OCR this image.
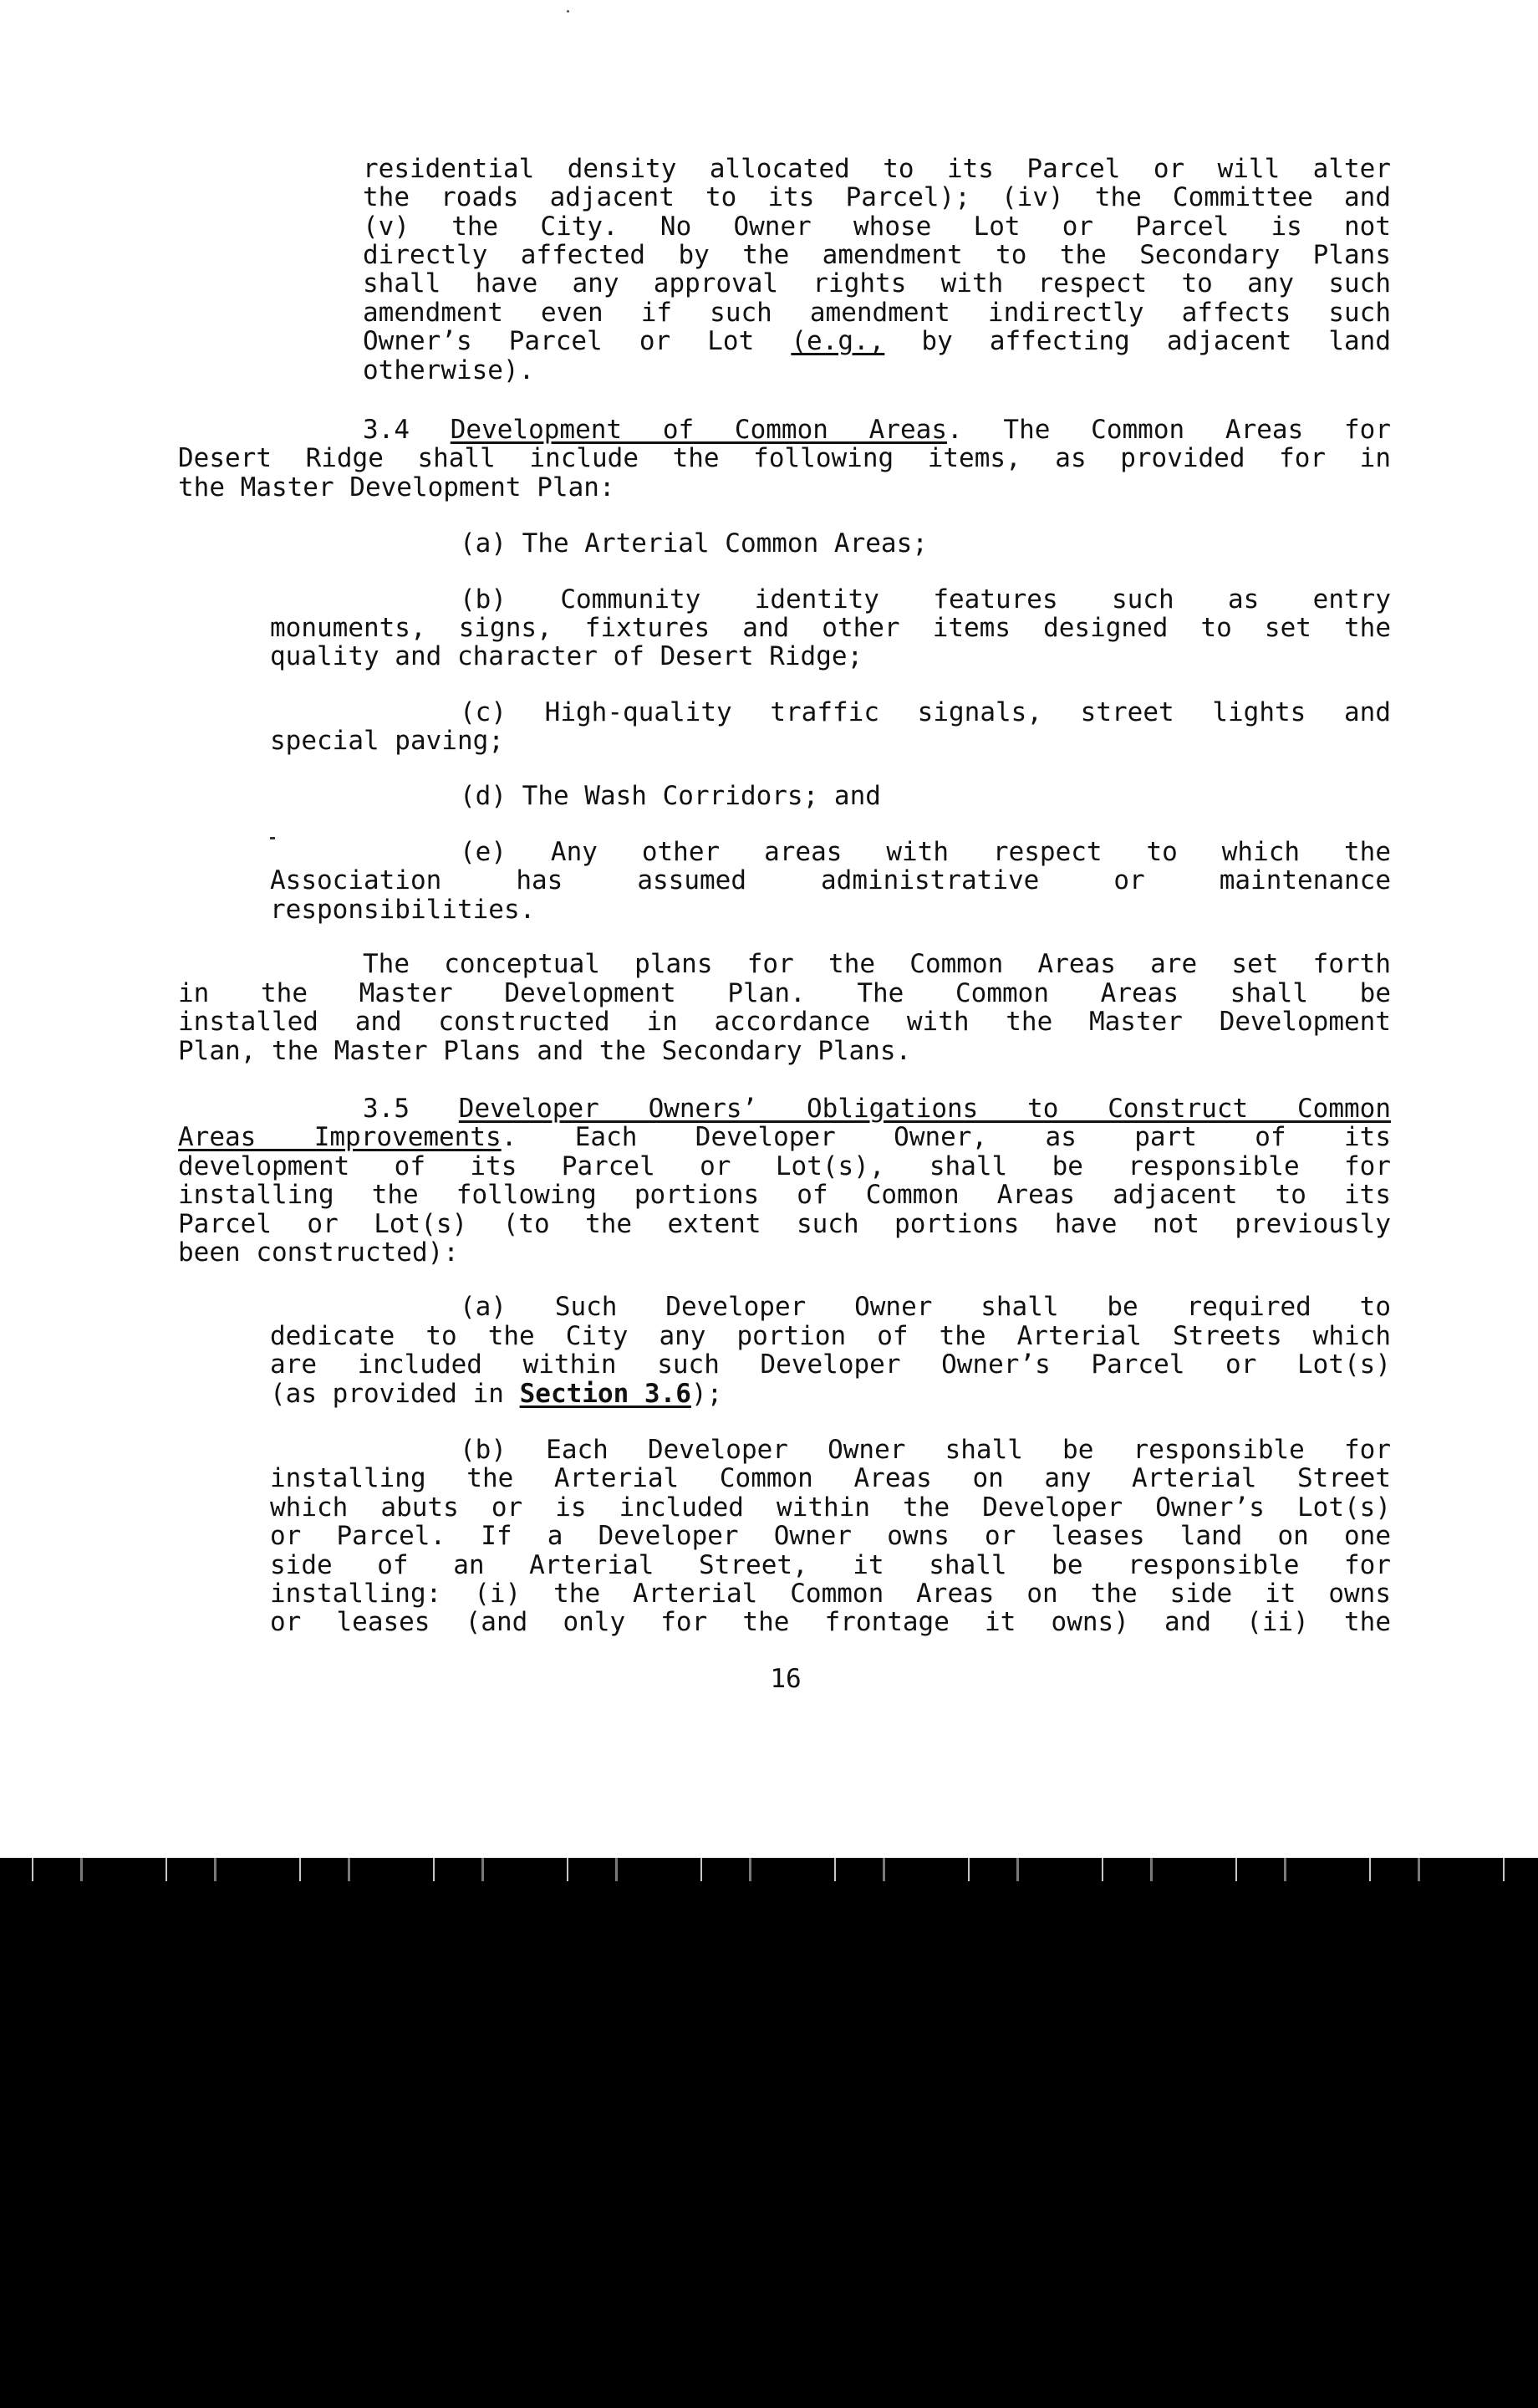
residential density allocated to its Parcel or will alter
the roads adjacent to its Parcel); (iv) the Committee and
(v) the City. No Owner whose Lot or Parcel is not
directly affected by the amendment to the Secondary Plans
shall have any approval rights with respect to any such
amendment even if such amendment indirectly affects such
Owner’s Parcel or Lot (e.g., by affecting adjacent land
otherwise).
3.4 Development of Common Areas. The Common Areas for
Desert Ridge shall include the following items, as provided for in
the Master Development Plan:
(a) The Arterial Common Areas;
(b) Community identity features such as entry
monuments, signs, fixtures and other items designed to set the
quality and character of Desert Ridge;
(c) High-quality traffic signals, street lights and
special paving;
(d) The Wash Corridors; and
(e) Any other areas with respect to which the
Association has assumed administrative or maintenance
responsibilities.
The conceptual plans for the Common Areas are set forth
in the Master Development Plan. The Common Areas shall be
installed and constructed in accordance with the Master Development
Plan, the Master Plans and the Secondary Plans.
3.5 Developer Owners’ Obligations to Construct Common
Areas Improvements. Each Developer Owner, as part of its
development of its Parcel or Lot(s), shall be responsible for
installing the following portions of Common Areas adjacent to its
Parcel or Lot(s) (to the extent such portions have not previously
been constructed):
(a) Such Developer Owner shall be required to
dedicate to the City any portion of the Arterial Streets which
are included within such Developer Owner’s Parcel or Lot(s)
(as provided in Section 3.6);
(b) Each Developer Owner shall be responsible for
installing the Arterial Common Areas on any Arterial Street
which abuts or is included within the Developer Owner’s Lot(s)
or Parcel. If a Developer Owner owns or leases land on one
side of an Arterial Street, it shall be responsible for
installing: (i) the Arterial Common Areas on the side it owns
or leases (and only for the frontage it owns) and (ii) the
16
